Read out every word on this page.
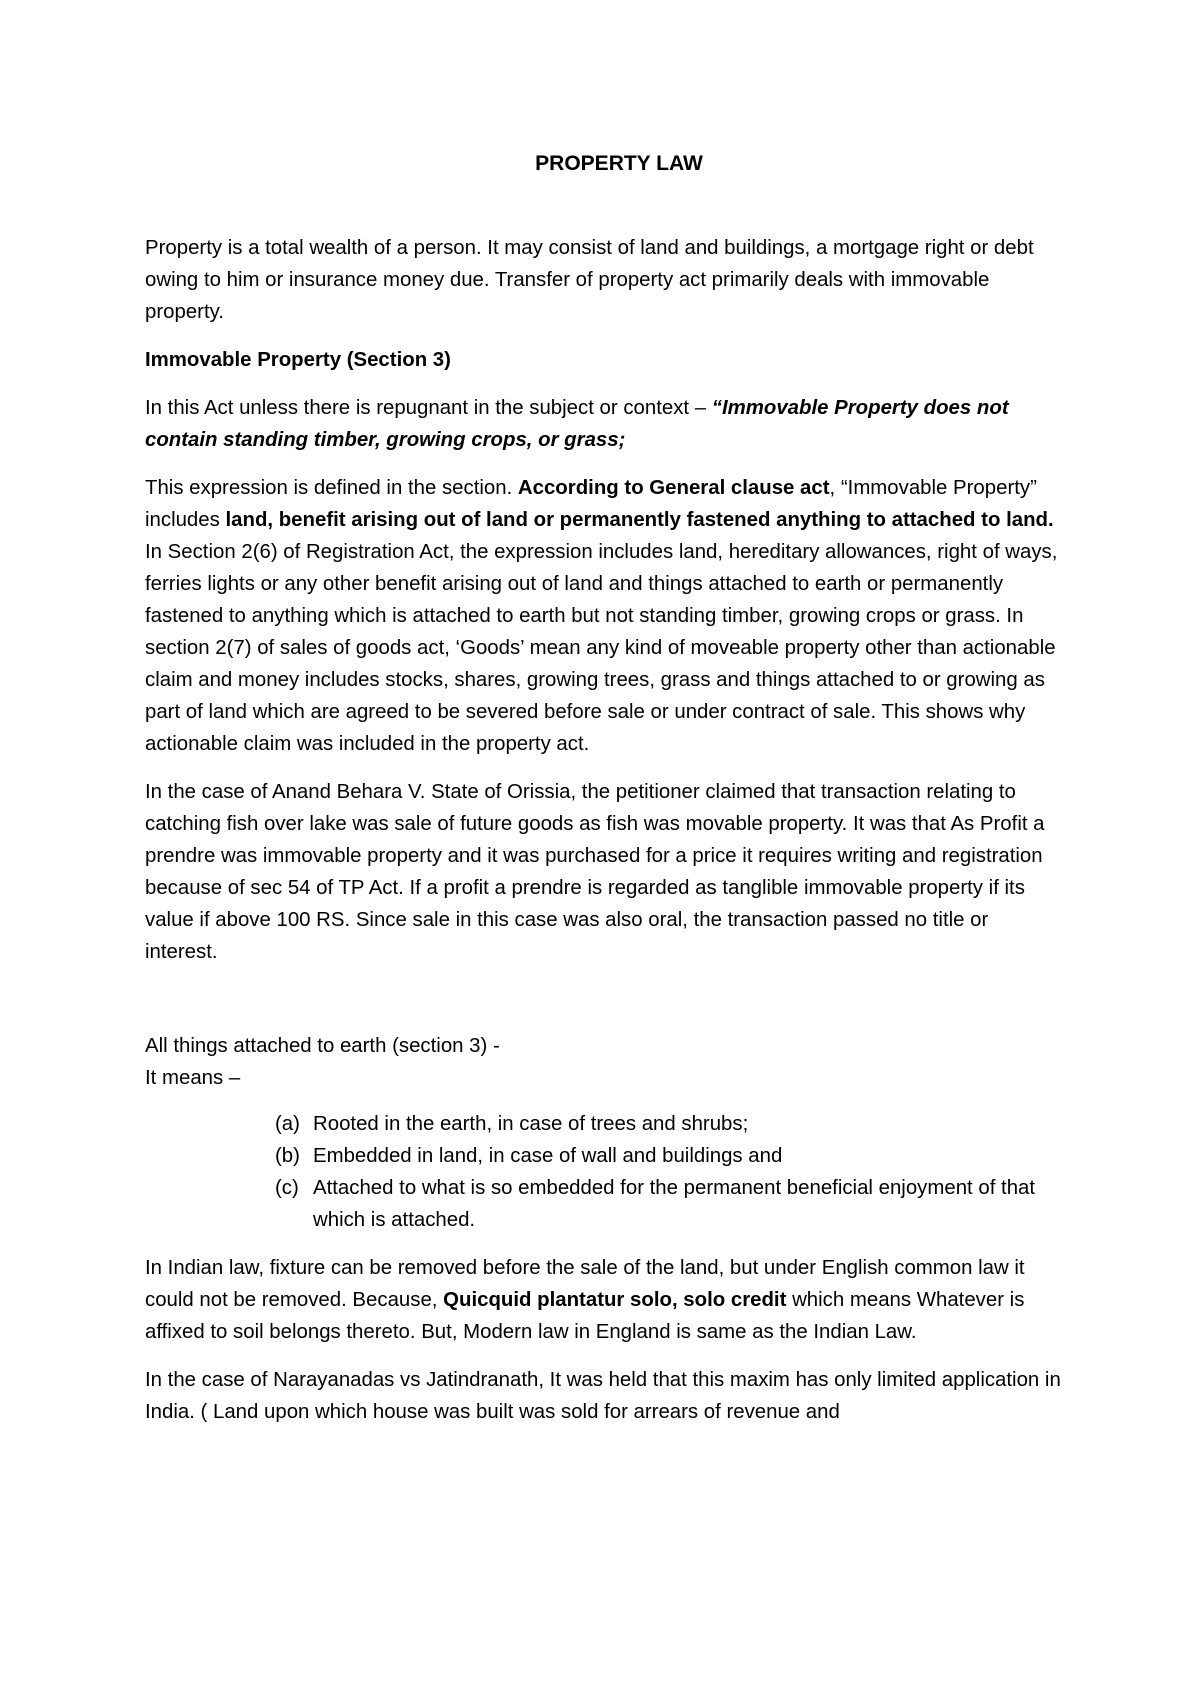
PROPERTY LAW

Property is a total wealth of a person. It may consist of land and buildings, a mortgage right or debt owing to him or insurance money due. Transfer of property act primarily deals with immovable property.

Immovable Property (Section 3)

In this Act unless there is repugnant in the subject or context – “Immovable Property does not contain standing timber, growing crops, or grass;

This expression is defined in the section. According to General clause act, “Immovable Property” includes land, benefit arising out of land or permanently fastened anything to attached to land. In Section 2(6) of Registration Act, the expression includes land, hereditary allowances, right of ways, ferries lights or any other benefit arising out of land and things attached to earth or permanently fastened to anything which is attached to earth but not standing timber, growing crops or grass. In section 2(7) of sales of goods act, ‘Goods’ mean any kind of moveable property other than actionable claim and money includes stocks, shares, growing trees, grass and things attached to or growing as part of land which are agreed to be severed before sale or under contract of sale. This shows why actionable claim was included in the property act.

In the case of Anand Behara V. State of Orissia, the petitioner claimed that transaction relating to catching fish over lake was sale of future goods as fish was movable property. It was that As Profit a prendre was immovable property and it was purchased for a price it requires writing and registration because of sec 54 of TP Act. If a profit a prendre is regarded as tanglible immovable property if its value if above 100 RS. Since sale in this case was also oral, the transaction passed no title or interest.

All things attached to earth (section 3) -

It means –

(a) Rooted in the earth, in case of trees and shrubs;
(b) Embedded in land, in case of wall and buildings and
(c) Attached to what is so embedded for the permanent beneficial enjoyment of that which is attached.

In Indian law, fixture can be removed before the sale of the land, but under English common law it could not be removed. Because, Quicquid plantatur solo, solo credit which means Whatever is affixed to soil belongs thereto. But, Modern law in England is same as the Indian Law.

In the case of Narayanadas vs Jatindranath, It was held that this maxim has only limited application in India. ( Land upon which house was built was sold for arrears of revenue and
